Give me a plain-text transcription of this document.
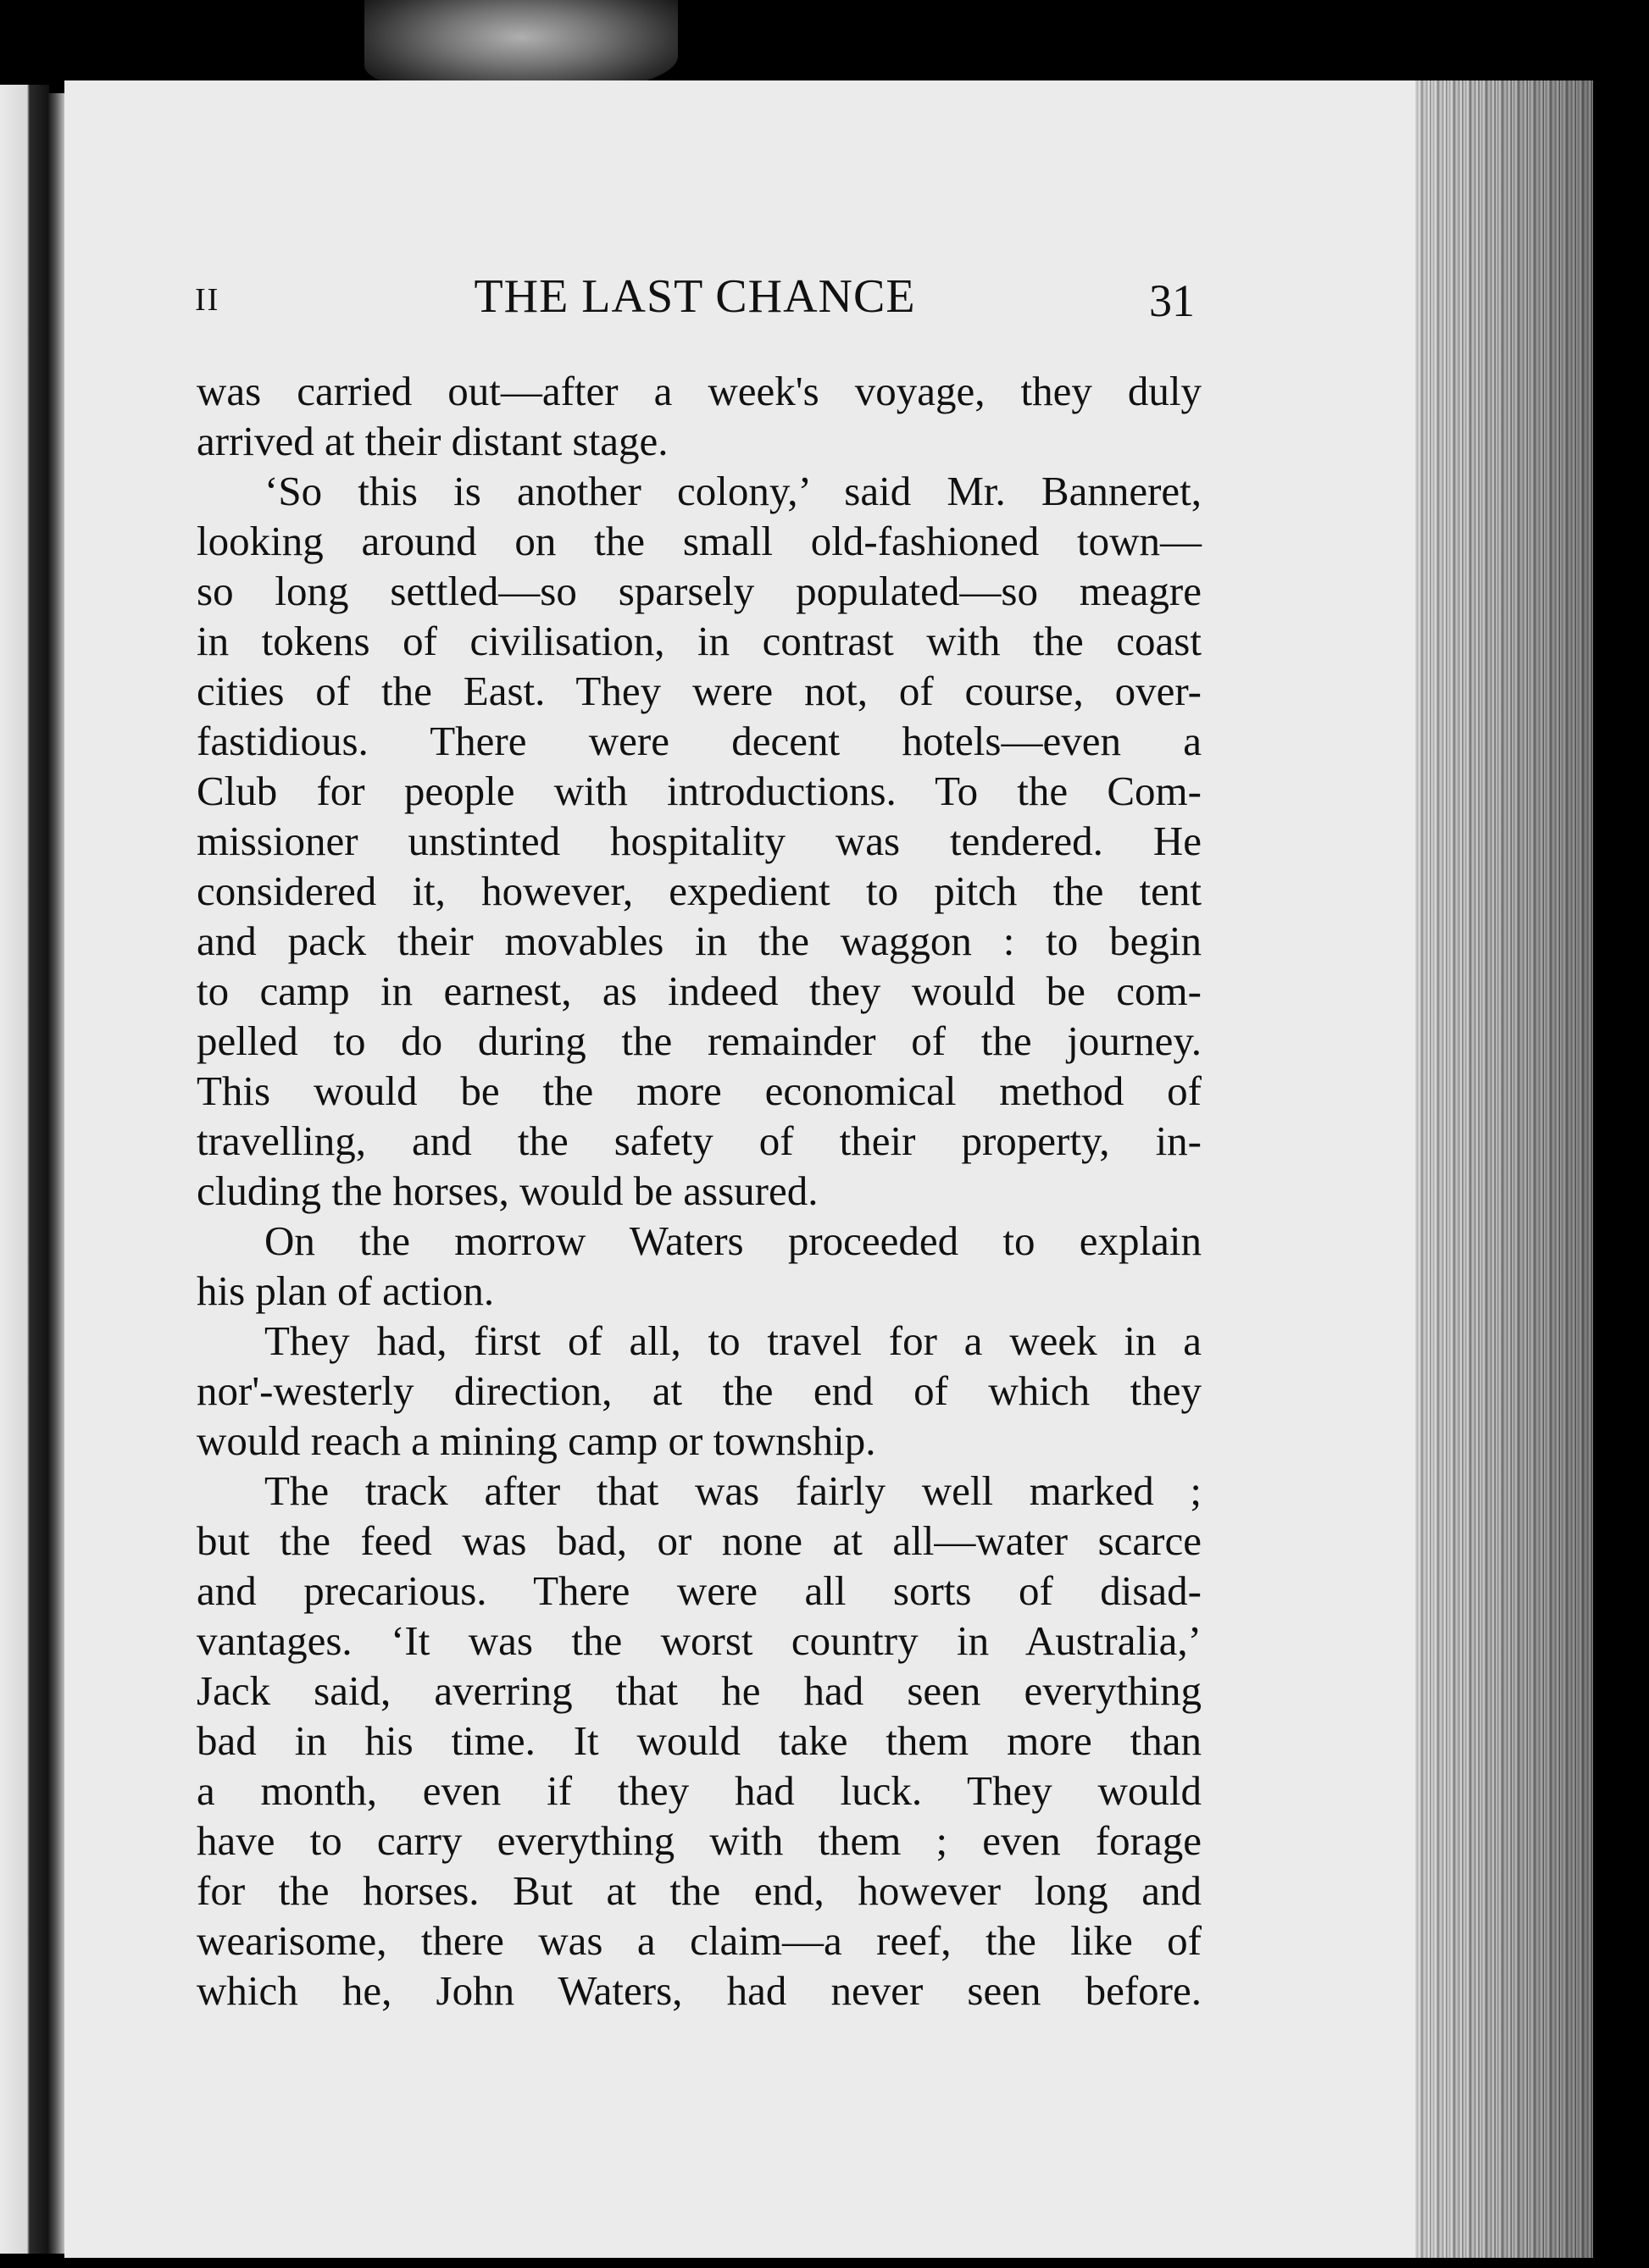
II	THE LAST CHANCE	31
was carried out—after a week's voyage, they duly
arrived at their distant stage.
‘So this is another colony,’ said Mr. Banneret,
looking around on the small old-fashioned town—
so long settled—so sparsely populated—so meagre
in tokens of civilisation, in contrast with the coast
cities of the East. They were not, of course, over-
fastidious. There were decent hotels—even a
Club for people with introductions. To the Com-
missioner unstinted hospitality was tendered. He
considered it, however, expedient to pitch the tent
and pack their movables in the waggon : to begin
to camp in earnest, as indeed they would be com-
pelled to do during the remainder of the journey.
This would be the more economical method of
travelling, and the safety of their property, in-
cluding the horses, would be assured.
On the morrow Waters proceeded to explain
his plan of action.
They had, first of all, to travel for a week in a
nor'-westerly direction, at the end of which they
would reach a mining camp or township.
The track after that was fairly well marked ;
but the feed was bad, or none at all—water scarce
and precarious. There were all sorts of disad-
vantages. ‘It was the worst country in Australia,’
Jack said, averring that he had seen everything
bad in his time. It would take them more than
a month, even if they had luck. They would
have to carry everything with them ; even forage
for the horses. But at the end, however long and
wearisome, there was a claim—a reef, the like of
which he, John Waters, had never seen before.
